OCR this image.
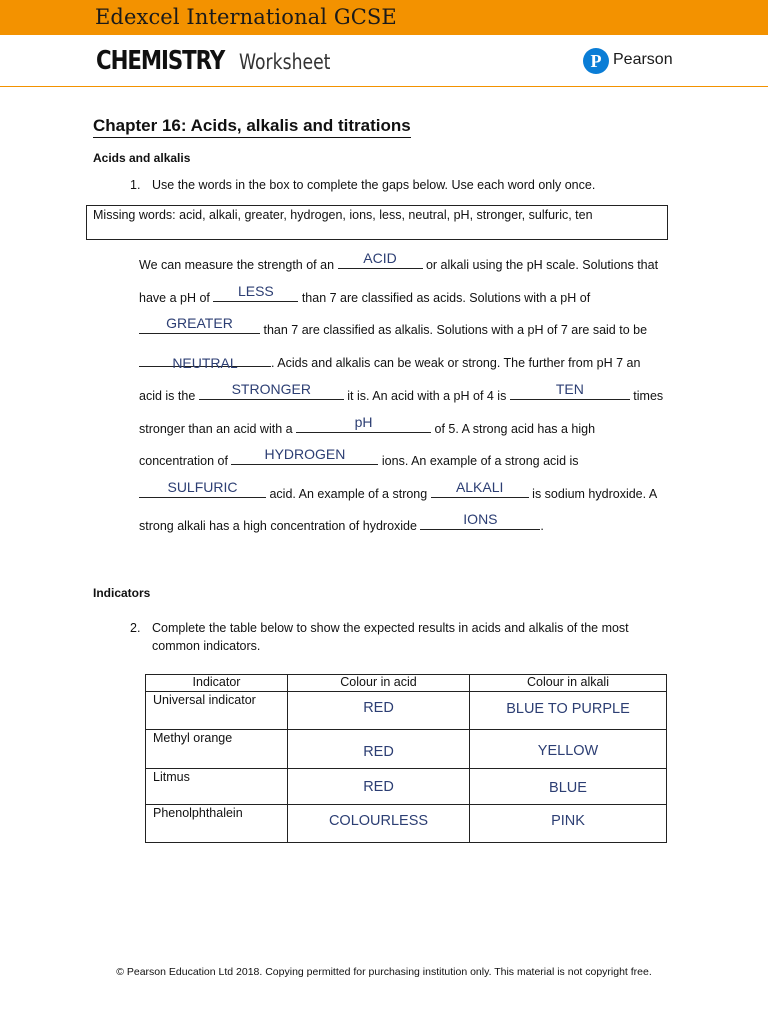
Edexcel International GCSE
CHEMISTRY Worksheet	P Pearson
Chapter 16: Acids, alkalis and titrations
Acids and alkalis
1. Use the words in the box to complete the gaps below. Use each word only once.
Missing words: acid, alkali, greater, hydrogen, ions, less, neutral, pH, stronger, sulfuric, ten
We can measure the strength of an	ACID	or alkali using the pH scale. Solutions that
have a pH of	LESS	than 7 are classified as acids. Solutions with a pH of
GREATER	than 7 are classified as alkalis. Solutions with a pH of 7 are said to be
NEUTRAL	. Acids and alkalis can be weak or strong. The further from pH 7 an
acid is the	STRONGER	it is. An acid with a pH of 4 is	TEN	times
stronger than an acid with a	pH	of 5. A strong acid has a high
concentration of	HYDROGEN	ions. An example of a strong acid is
SULFURIC	acid. An example of a strong	ALKALI	is sodium hydroxide. A
strong alkali has a high concentration of hydroxide	IONS	.
Indicators
2. Complete the table below to show the expected results in acids and alkalis of the most
common indicators.
Indicator	Colour in acid	Colour in alkali
Universal indicator	RED	BLUE TO PURPLE
Methyl orange	RED	YELLOW
Litmus	RED	BLUE
Phenolphthalein	COLOURLESS	PINK
© Pearson Education Ltd 2018. Copying permitted for purchasing institution only. This material is not copyright free.
